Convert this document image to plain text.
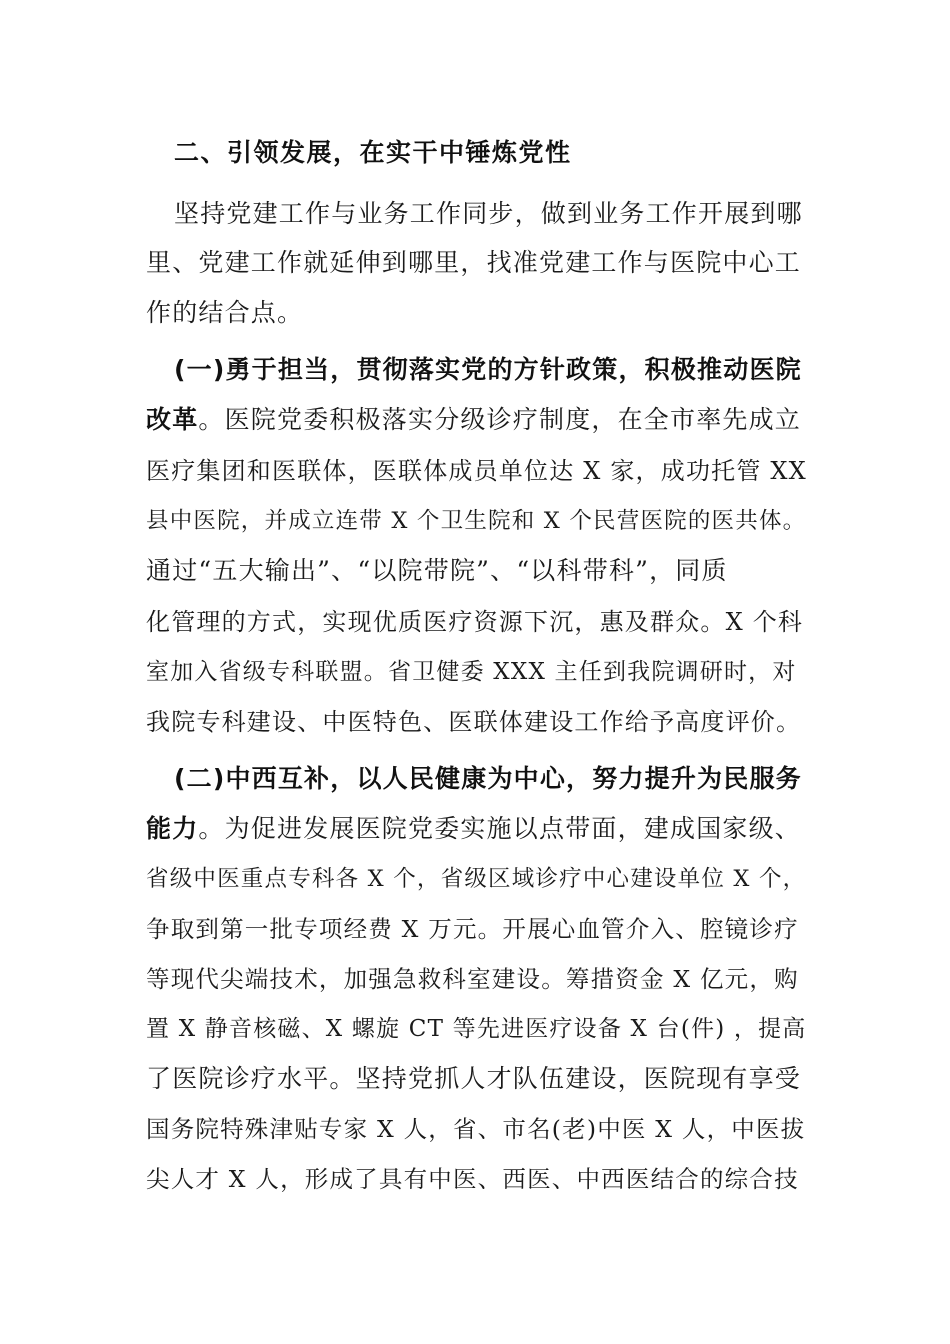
二、引领发展，在实干中锤炼党性
坚持党建工作与业务工作同步，做到业务工作开展到哪
里、党建工作就延伸到哪里，找准党建工作与医院中心工
作的结合点。
(一)勇于担当，贯彻落实党的方针政策，积极推动医院
改革。医院党委积极落实分级诊疗制度，在全市率先成立
医疗集团和医联体，医联体成员单位达 X 家，成功托管 XX
县中医院，并成立连带 X 个卫生院和 X 个民营医院的医共体。
通过“五大输出”、“以院带院”、“以科带科”，同质
化管理的方式，实现优质医疗资源下沉，惠及群众。X 个科
室加入省级专科联盟。省卫健委 XXX 主任到我院调研时，对
我院专科建设、中医特色、医联体建设工作给予高度评价。
(二)中西互补，以人民健康为中心，努力提升为民服务
能力。为促进发展医院党委实施以点带面，建成国家级、
省级中医重点专科各 X 个，省级区域诊疗中心建设单位 X 个，
争取到第一批专项经费 X 万元。开展心血管介入、腔镜诊疗
等现代尖端技术，加强急救科室建设。筹措资金 X 亿元，购
置 X 静音核磁、X 螺旋 CT 等先进医疗设备 X 台(件) ，提高
了医院诊疗水平。坚持党抓人才队伍建设，医院现有享受
国务院特殊津贴专家 X 人，省、市名(老)中医 X 人，中医拔
尖人才 X 人，形成了具有中医、西医、中西医结合的综合技
